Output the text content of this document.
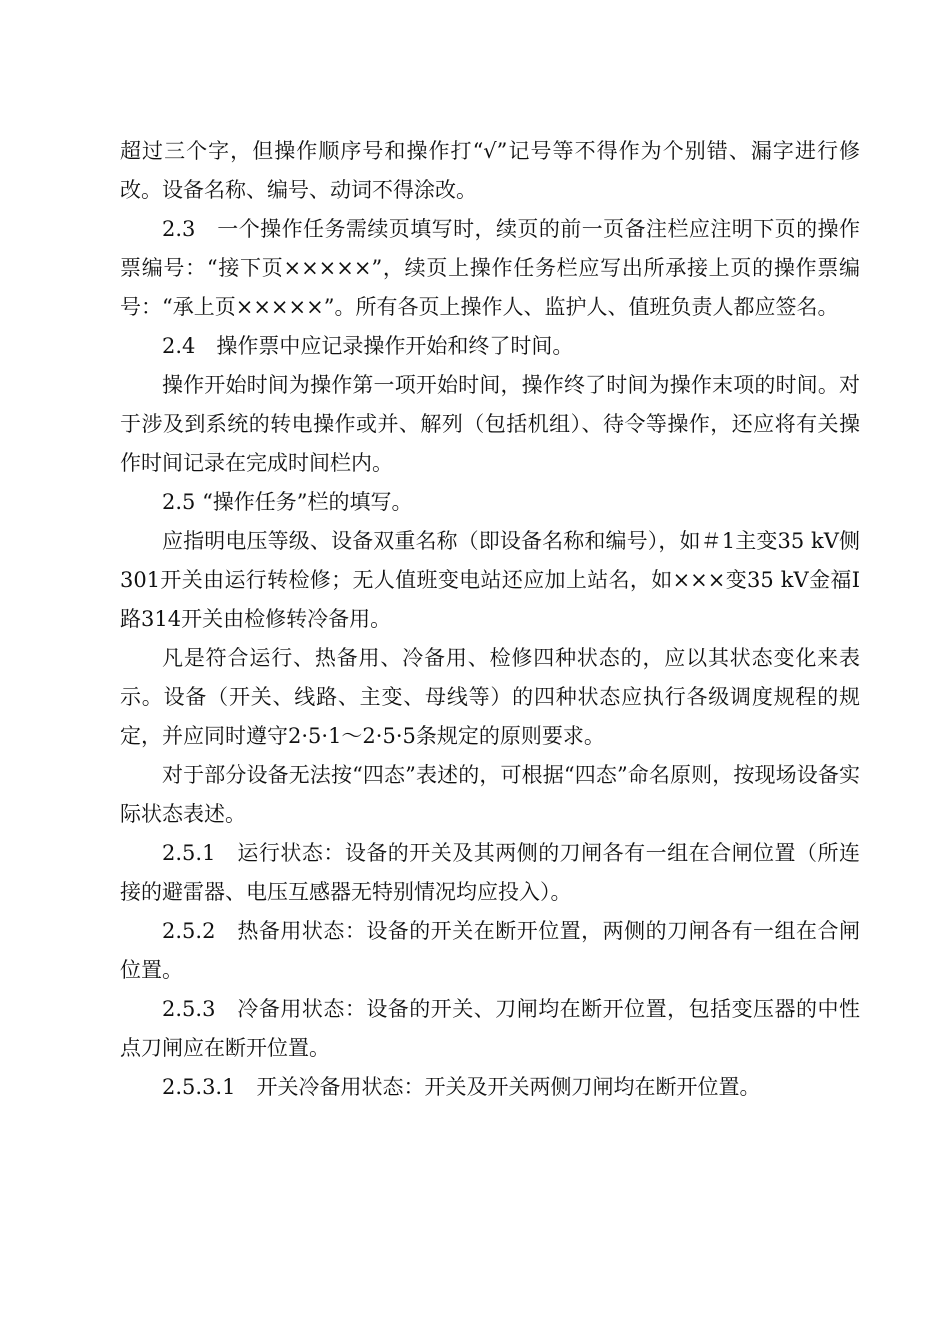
超过三个字，但操作顺序号和操作打“√”记号等不得作为个别错、漏字进行修改。设备名称、编号、动词不得涂改。

2.3　一个操作任务需续页填写时，续页的前一页备注栏应注明下页的操作票编号：“接下页×××××”，续页上操作任务栏应写出所承接上页的操作票编号：“承上页×××××”。所有各页上操作人、监护人、值班负责人都应签名。

2.4　操作票中应记录操作开始和终了时间。

操作开始时间为操作第一项开始时间，操作终了时间为操作末项的时间。对于涉及到系统的转电操作或并、解列（包括机组）、待令等操作，还应将有关操作时间记录在完成时间栏内。

2.5 “操作任务”栏的填写。

应指明电压等级、设备双重名称（即设备名称和编号），如＃1主变35 kV侧 301开关由运行转检修；无人值班变电站还应加上站名，如×××变35 kV金福Ⅰ路314开关由检修转冷备用。

凡是符合运行、热备用、冷备用、检修四种状态的，应以其状态变化来表示。设备（开关、线路、主变、母线等）的四种状态应执行各级调度规程的规定，并应同时遵守2·5·1～2·5·5条规定的原则要求。

对于部分设备无法按“四态”表述的，可根据“四态”命名原则，按现场设备实际状态表述。

2.5.1　运行状态：设备的开关及其两侧的刀闸各有一组在合闸位置（所连接的避雷器、电压互感器无特别情况均应投入）。

2.5.2　热备用状态：设备的开关在断开位置，两侧的刀闸各有一组在合闸位置。

2.5.3　冷备用状态：设备的开关、刀闸均在断开位置，包括变压器的中性点刀闸应在断开位置。

2.5.3.1　开关冷备用状态：开关及开关两侧刀闸均在断开位置。
